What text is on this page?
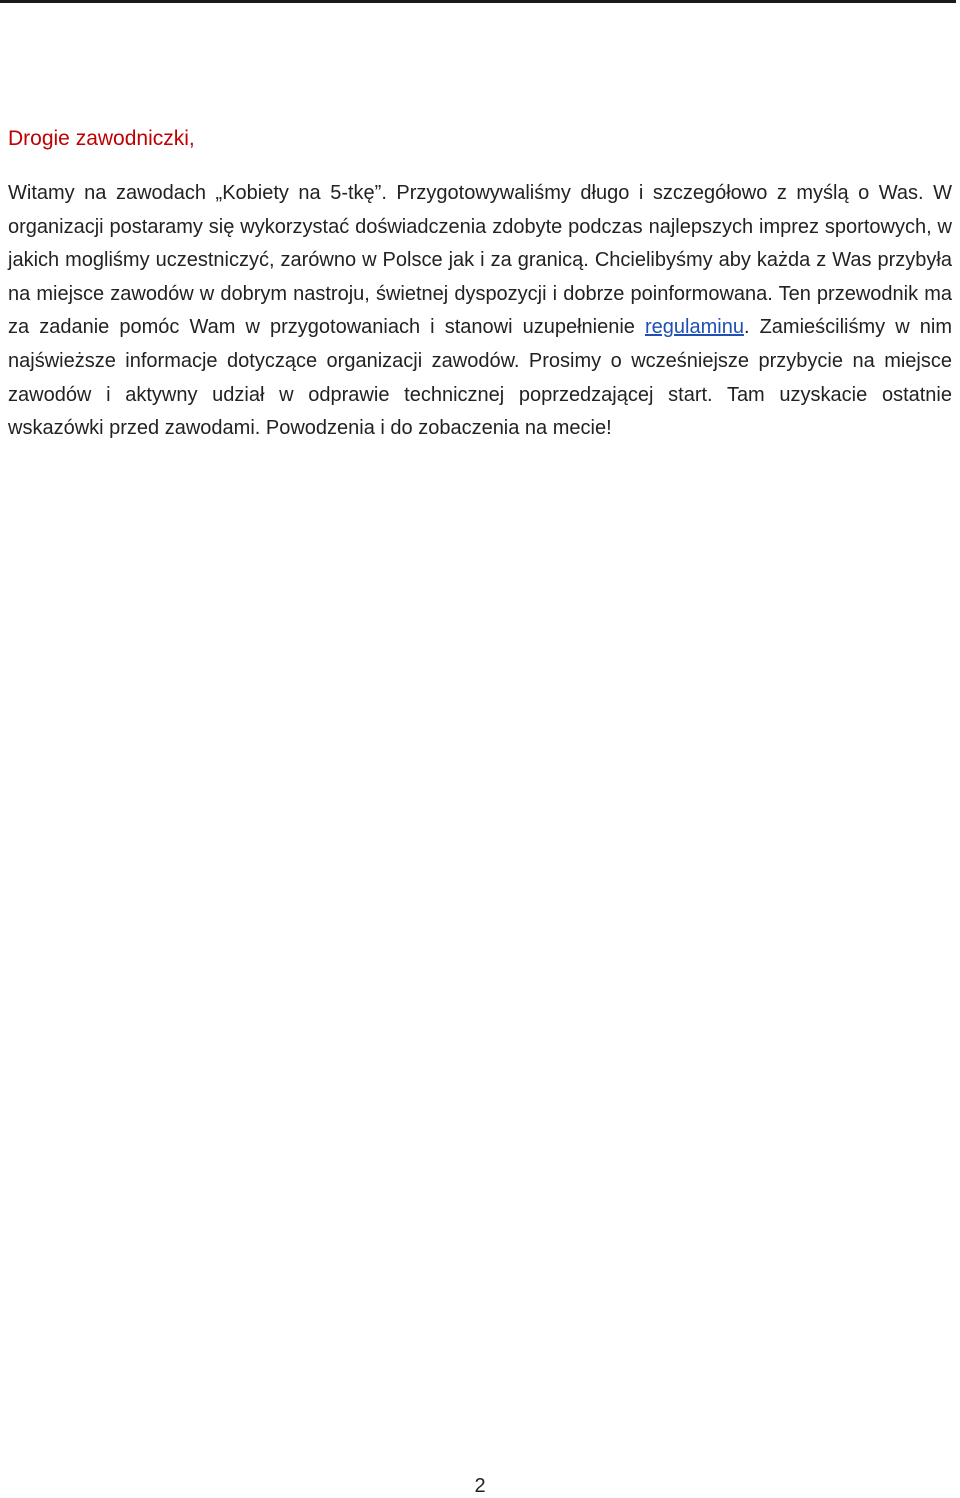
Drogie zawodniczki,

Witamy na zawodach „Kobiety na 5-tkę”. Przygotowywaliśmy długo i szczegółowo z myślą o Was. W organizacji postaramy się wykorzystać doświadczenia zdobyte podczas najlepszych imprez sportowych, w jakich mogliśmy uczestniczyć, zarówno w Polsce jak i za granicą. Chcielibyśmy aby każda z Was przybyła na miejsce zawodów w dobrym nastroju, świetnej dyspozycji i dobrze poinformowana. Ten przewodnik ma za zadanie pomóc Wam w przygotowaniach i stanowi uzupełnienie regulaminu. Zamieściliśmy w nim najświeższe informacje dotyczące organizacji zawodów. Prosimy o wcześniejsze przybycie na miejsce zawodów i aktywny udział w odprawie technicznej poprzedzającej start. Tam uzyskacie ostatnie wskazówki przed zawodami. Powodzenia i do zobaczenia na mecie!

2
